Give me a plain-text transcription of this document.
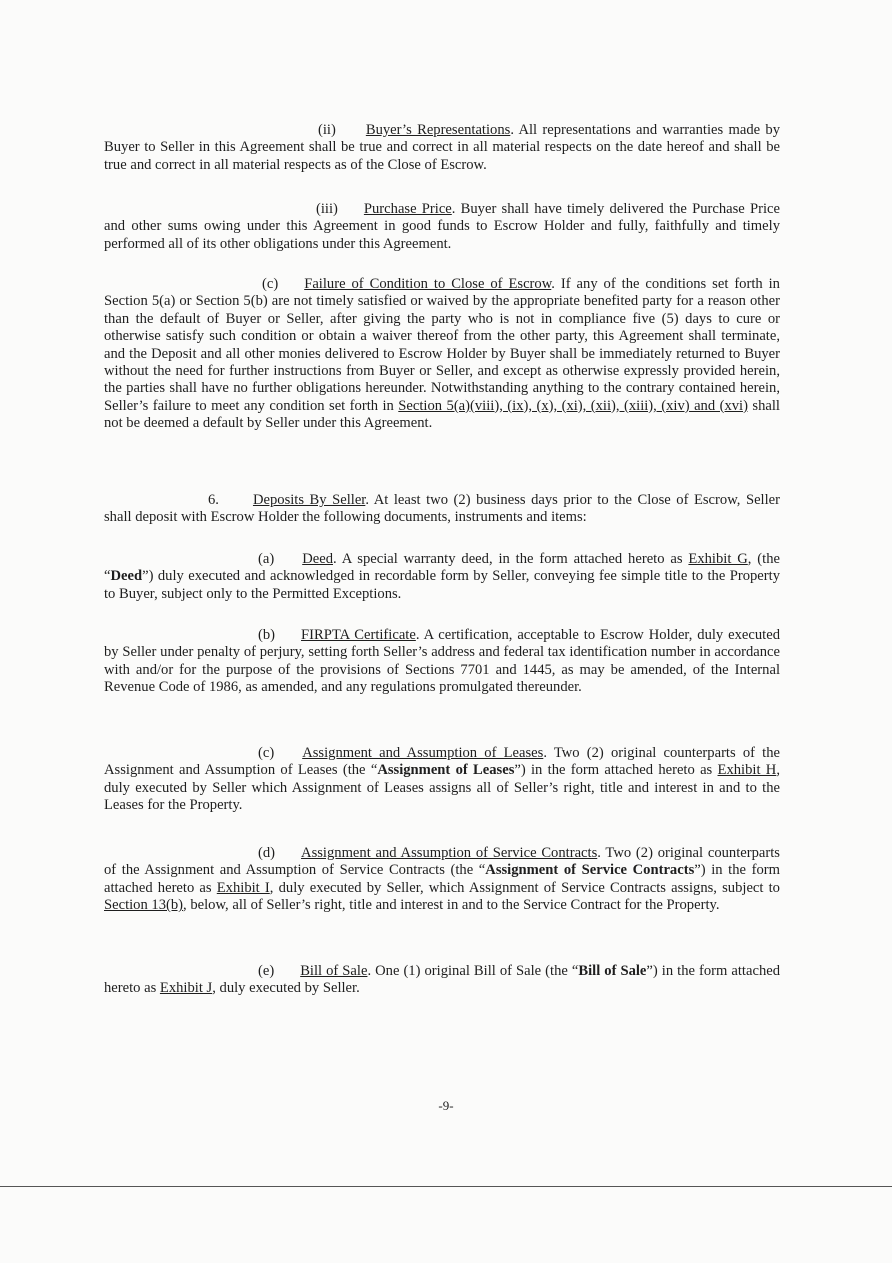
(ii) Buyer’s Representations. All representations and warranties made by Buyer to Seller in this Agreement shall be true and correct in all material respects on the date hereof and shall be true and correct in all material respects as of the Close of Escrow.

(iii) Purchase Price. Buyer shall have timely delivered the Purchase Price and other sums owing under this Agreement in good funds to Escrow Holder and fully, faithfully and timely performed all of its other obligations under this Agreement.

(c) Failure of Condition to Close of Escrow. If any of the conditions set forth in Section 5(a) or Section 5(b) are not timely satisfied or waived by the appropriate benefited party for a reason other than the default of Buyer or Seller, after giving the party who is not in compliance five (5) days to cure or otherwise satisfy such condition or obtain a waiver thereof from the other party, this Agreement shall terminate, and the Deposit and all other monies delivered to Escrow Holder by Buyer shall be immediately returned to Buyer without the need for further instructions from Buyer or Seller, and except as otherwise expressly provided herein, the parties shall have no further obligations hereunder. Notwithstanding anything to the contrary contained herein, Seller’s failure to meet any condition set forth in Section 5(a)(viii), (ix), (x), (xi), (xii), (xiii), (xiv) and (xvi) shall not be deemed a default by Seller under this Agreement.

6. Deposits By Seller. At least two (2) business days prior to the Close of Escrow, Seller shall deposit with Escrow Holder the following documents, instruments and items:

(a) Deed. A special warranty deed, in the form attached hereto as Exhibit G, (the “Deed”) duly executed and acknowledged in recordable form by Seller, conveying fee simple title to the Property to Buyer, subject only to the Permitted Exceptions.

(b) FIRPTA Certificate. A certification, acceptable to Escrow Holder, duly executed by Seller under penalty of perjury, setting forth Seller’s address and federal tax identification number in accordance with and/or for the purpose of the provisions of Sections 7701 and 1445, as may be amended, of the Internal Revenue Code of 1986, as amended, and any regulations promulgated thereunder.

(c) Assignment and Assumption of Leases. Two (2) original counterparts of the Assignment and Assumption of Leases (the “Assignment of Leases”) in the form attached hereto as Exhibit H, duly executed by Seller which Assignment of Leases assigns all of Seller’s right, title and interest in and to the Leases for the Property.

(d) Assignment and Assumption of Service Contracts. Two (2) original counterparts of the Assignment and Assumption of Service Contracts (the “Assignment of Service Contracts”) in the form attached hereto as Exhibit I, duly executed by Seller, which Assignment of Service Contracts assigns, subject to Section 13(b), below, all of Seller’s right, title and interest in and to the Service Contract for the Property.

(e) Bill of Sale. One (1) original Bill of Sale (the “Bill of Sale”) in the form attached hereto as Exhibit J, duly executed by Seller.

-9-
